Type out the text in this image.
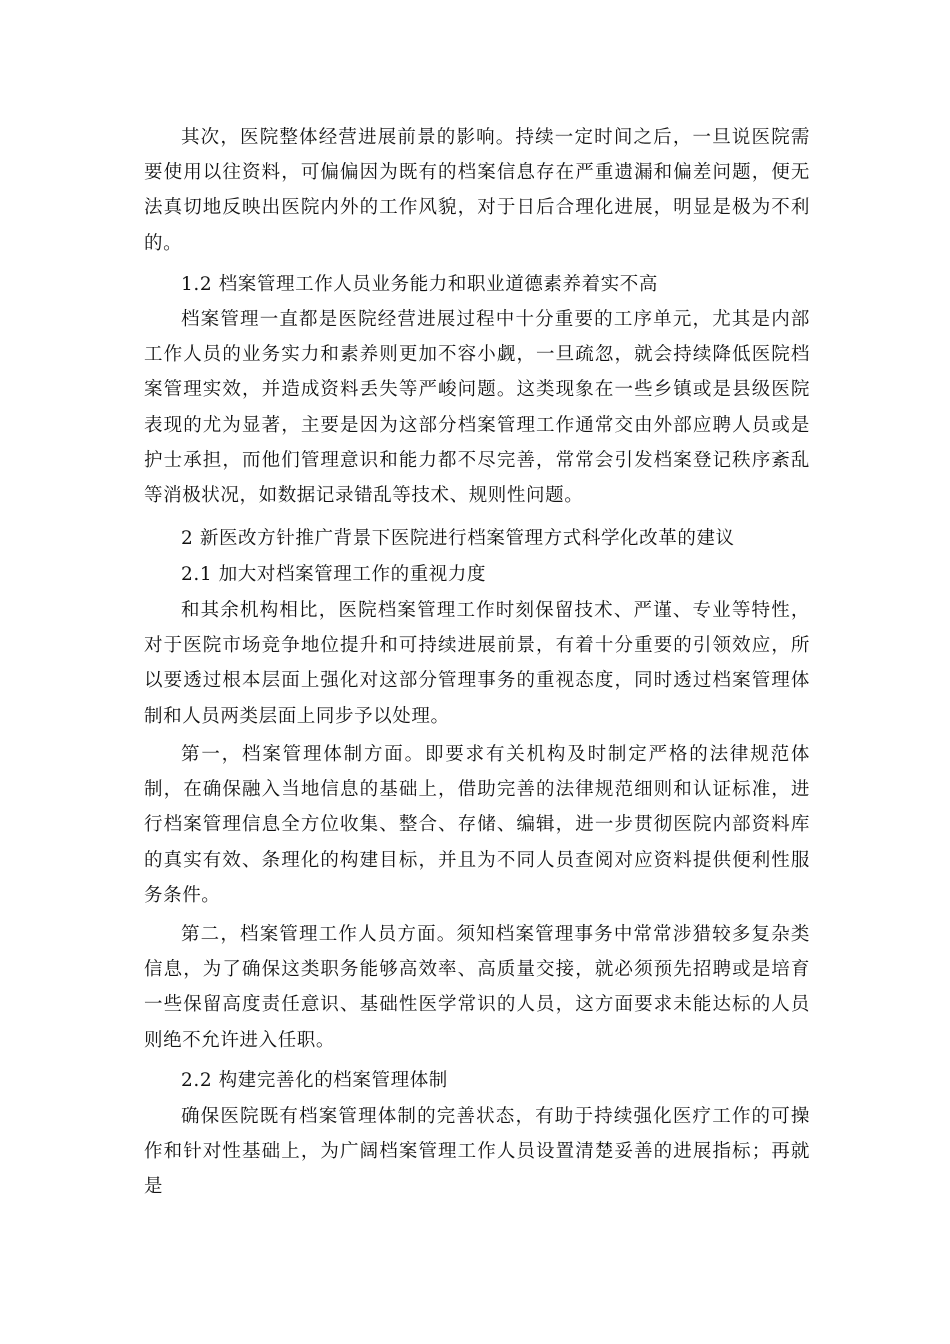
其次，医院整体经营进展前景的影响。持续一定时间之后，一旦说医院需要使用以往资料，可偏偏因为既有的档案信息存在严重遗漏和偏差问题，便无法真切地反映出医院内外的工作风貌，对于日后合理化进展，明显是极为不利的。

1.2 档案管理工作人员业务能力和职业道德素养着实不高

档案管理一直都是医院经营进展过程中十分重要的工序单元，尤其是内部工作人员的业务实力和素养则更加不容小觑，一旦疏忽，就会持续降低医院档案管理实效，并造成资料丢失等严峻问题。这类现象在一些乡镇或是县级医院表现的尤为显著，主要是因为这部分档案管理工作通常交由外部应聘人员或是护士承担，而他们管理意识和能力都不尽完善，常常会引发档案登记秩序紊乱等消极状况，如数据记录错乱等技术、规则性问题。

2 新医改方针推广背景下医院进行档案管理方式科学化改革的建议

2.1 加大对档案管理工作的重视力度

和其余机构相比，医院档案管理工作时刻保留技术、严谨、专业等特性，对于医院市场竞争地位提升和可持续进展前景，有着十分重要的引领效应，所以要透过根本层面上强化对这部分管理事务的重视态度，同时透过档案管理体制和人员两类层面上同步予以处理。

第一，档案管理体制方面。即要求有关机构及时制定严格的法律规范体制，在确保融入当地信息的基础上，借助完善的法律规范细则和认证标准，进行档案管理信息全方位收集、整合、存储、编辑，进一步贯彻医院内部资料库的真实有效、条理化的构建目标，并且为不同人员查阅对应资料提供便利性服务条件。

第二，档案管理工作人员方面。须知档案管理事务中常常涉猎较多复杂类信息，为了确保这类职务能够高效率、高质量交接，就必须预先招聘或是培育一些保留高度责任意识、基础性医学常识的人员，这方面要求未能达标的人员则绝不允许进入任职。

2.2 构建完善化的档案管理体制

确保医院既有档案管理体制的完善状态，有助于持续强化医疗工作的可操作和针对性基础上，为广阔档案管理工作人员设置清楚妥善的进展指标；再就是
